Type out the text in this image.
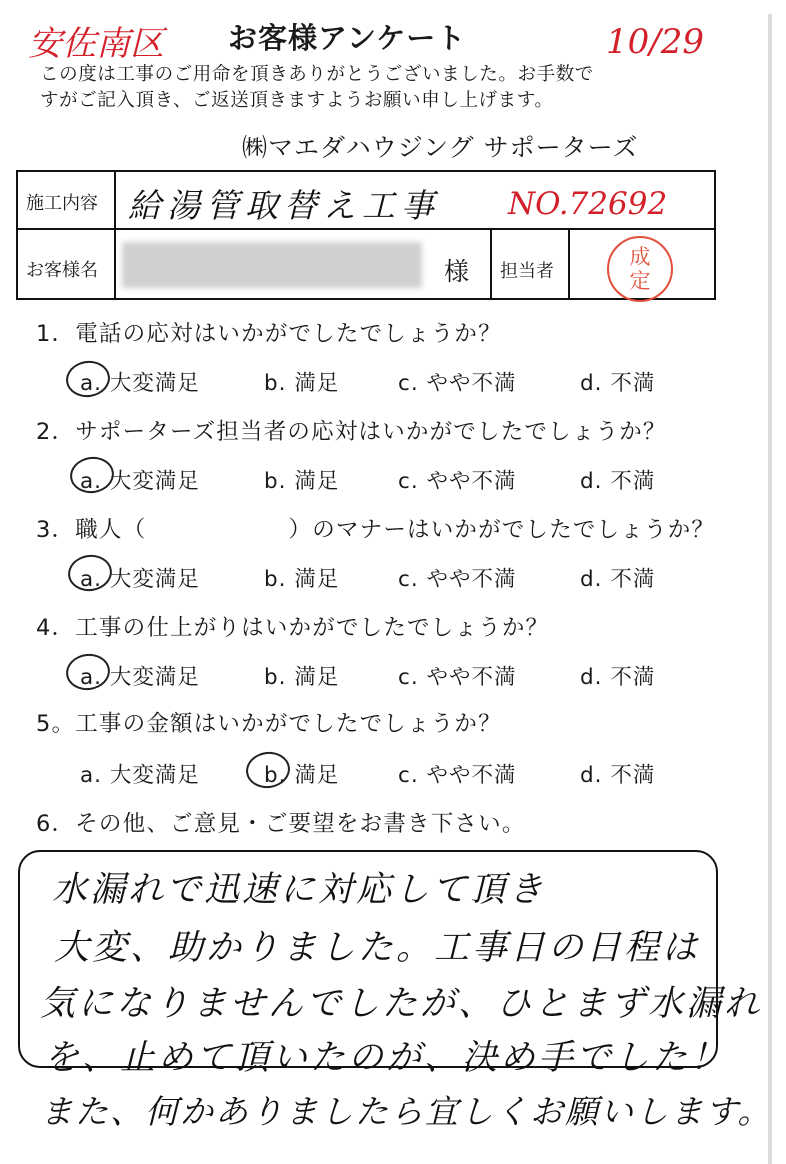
安佐南区 お客様アンケート	10/29
この度は工事のご用命を頂きありがとうございました。お手数で
すがご記入頂き、ご返送頂きますようお願い申し上げます。
㈱マエダハウジング サポーターズ
施工内容 給湯管取替え工事 NO.72692
お客様名	様 担当者
成
定
1．電話の応対はいかがでしたでしょうか？
a. 大変満足	b. 満足	c. やや不満	d. 不満
2．サポーターズ担当者の応対はいかがでしたでしょうか？
a. 大変満足	b. 満足	c. やや不満	d. 不満
3．職人（　　　　　　）のマナーはいかがでしたでしょうか？
a. 大変満足	b. 満足	c. やや不満	d. 不満
4．工事の仕上がりはいかがでしたでしょうか？
a. 大変満足	b. 満足	c. やや不満	d. 不満
5。工事の金額はいかがでしたでしょうか？
a. 大変満足	b. 満足	c. やや不満	d. 不満
6．その他、ご意見・ご要望をお書き下さい。
水漏れで迅速に対応して頂き
大変、助かりました。工事日の日程は
気になりませんでしたが、ひとまず水漏れ
を、止めて頂いたのが、決め手でした！
また、何かありましたら宜しくお願いします。
